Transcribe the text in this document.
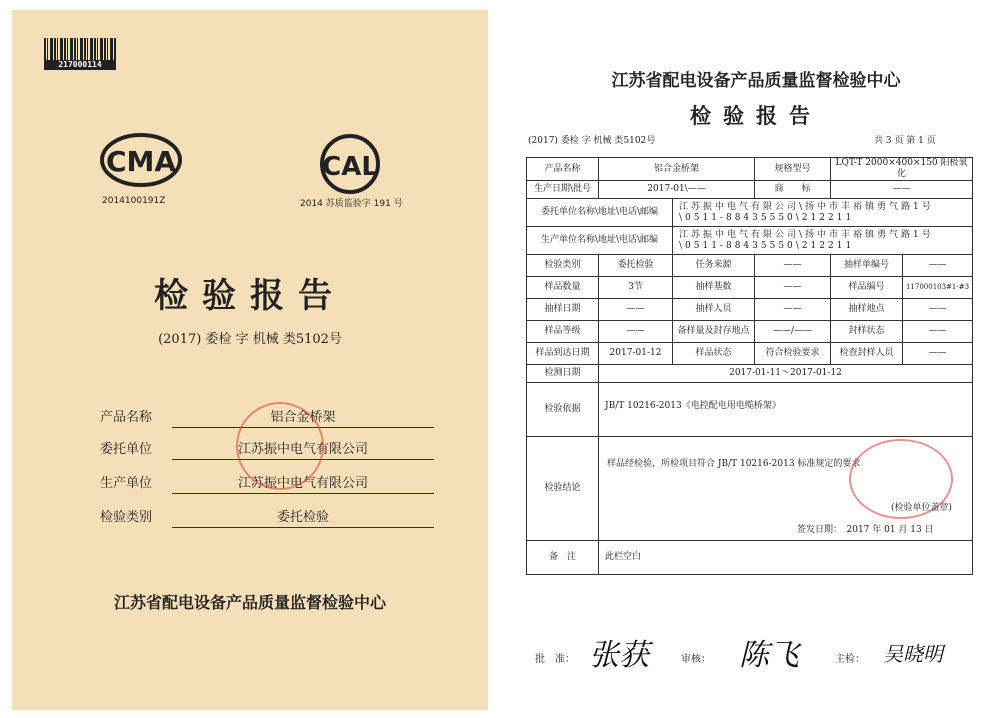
217000114
CMA
2014100191Z
CAL
2014 苏质监验字 191 号
检验报告
(2017) 委检 字 机械 类5102号
产品名称	铝合金桥架
委托单位	江苏振中电气有限公司
生产单位	江苏振中电气有限公司
检验类别	委托检验
江苏省配电设备产品质量监督检验中心
江苏省配电设备产品质量监督检验中心
检验报告
(2017) 委检 字 机械 类5102号	共 3 页 第 1 页
产品名称	铝合金桥架		规格型号	LQT-T 2000×400×150 阳极氧化	
生产日期\批号	2017-01\——		商　　标	——	
委托单位名称\地址\电话\邮编		江苏振中电气有限公司\扬中市丰裕镇勇气路1号\0511-88435550\212211			
生产单位名称\地址\电话\邮编		江苏振中电气有限公司\扬中市丰裕镇勇气路1号\0511-88435550\212211			
检验类别	委托检验	任务来源	——	抽样单编号	——
样品数量	3节	抽样基数	——	样品编号	117000103#1-#3
抽样日期	——	抽样人员	——	抽样地点	——
样品等级	——	备样量及封存地点	——/——	封样状态	——
样品到达日期	2017-01-12	样品状态	符合检验要求	检查封样人员	——
检测日期	2017-01-11～2017-01-12				
检验依据	JB/T 10216-2013《电控配电用电缆桥架》				
检验结论	样品经检验，所检项目符合 JB/T 10216-2013 标准规定的要求
(检验单位盖章)
签发日期：　2017 年 01 月 13 日				

备　注	此栏空白				
批　准： 张获	审核： 陈飞	主检： 吴晓明
